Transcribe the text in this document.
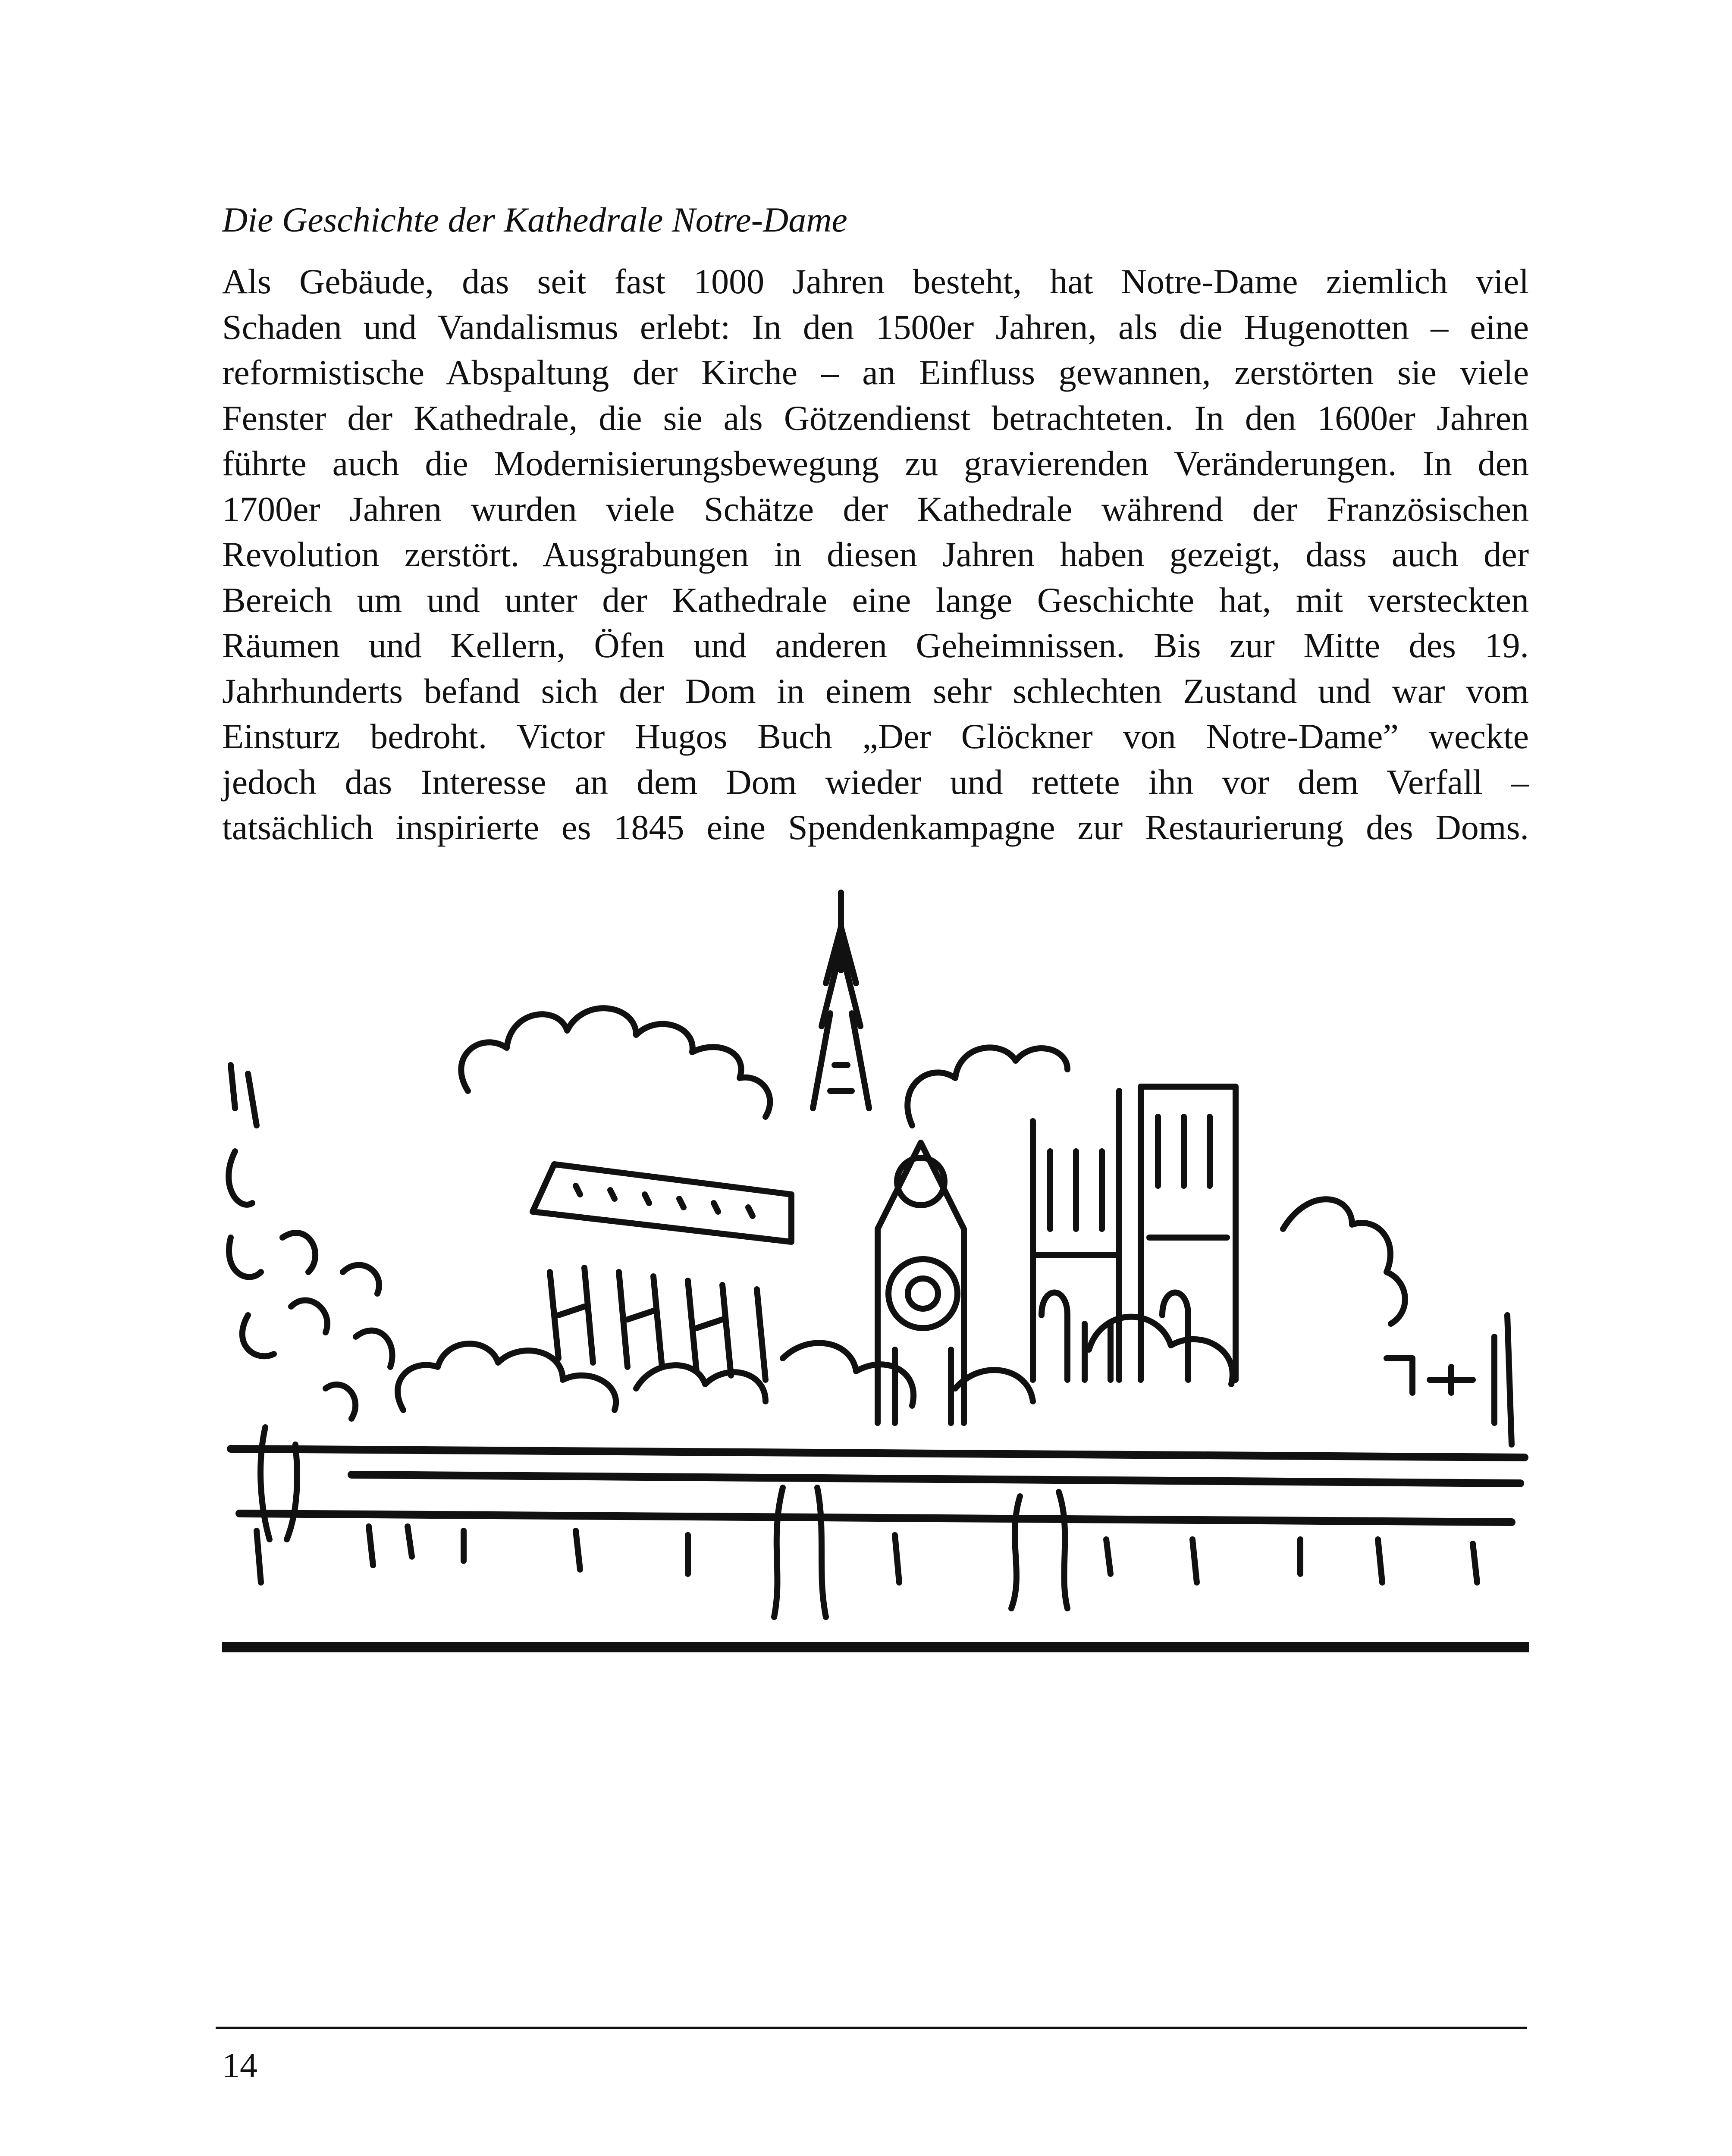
Die Geschichte der Kathedrale Notre-Dame
Als Gebäude, das seit fast 1000 Jahren besteht, hat Notre-Dame ziemlich viel
Schaden und Vandalismus erlebt: In den 1500er Jahren, als die Hugenotten – eine
reformistische Abspaltung der Kirche – an Einfluss gewannen, zerstörten sie viele
Fenster der Kathedrale, die sie als Götzendienst betrachteten. In den 1600er Jahren
führte auch die Modernisierungsbewegung zu gravierenden Veränderungen. In den
1700er Jahren wurden viele Schätze der Kathedrale während der Französischen
Revolution zerstört. Ausgrabungen in diesen Jahren haben gezeigt, dass auch der
Bereich um und unter der Kathedrale eine lange Geschichte hat, mit versteckten
Räumen und Kellern, Öfen und anderen Geheimnissen. Bis zur Mitte des 19.
Jahrhunderts befand sich der Dom in einem sehr schlechten Zustand und war vom
Einsturz bedroht. Victor Hugos Buch „Der Glöckner von Notre-Dame” weckte
jedoch das Interesse an dem Dom wieder und rettete ihn vor dem Verfall –
tatsächlich inspirierte es 1845 eine Spendenkampagne zur Restaurierung des Doms.
14
